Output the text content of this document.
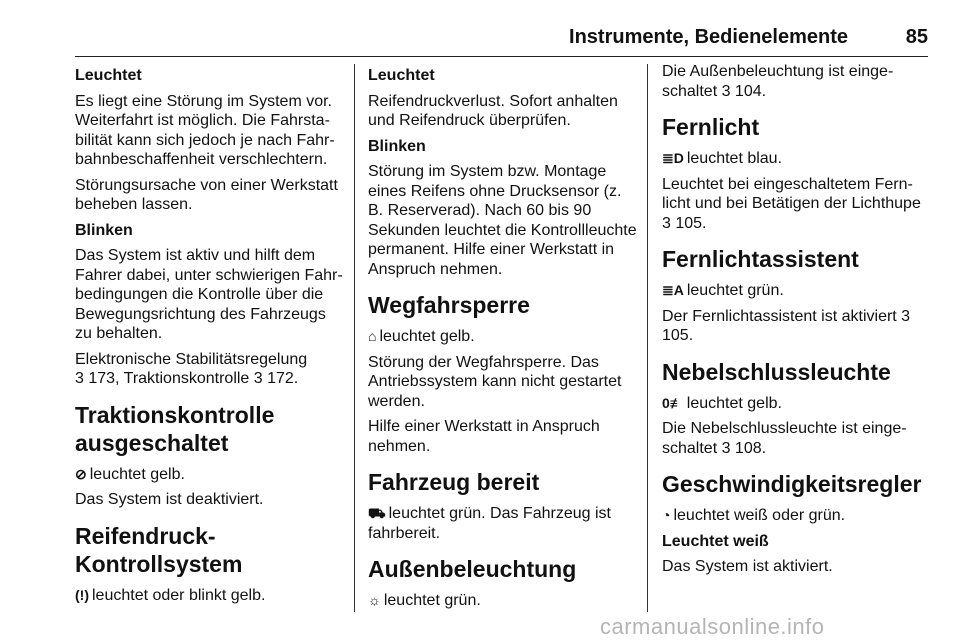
Instrumente, Bedienelemente	85
Leuchtet

Es liegt eine Störung im System vor. Weiterfahrt ist möglich. Die Fahrstabilität kann sich jedoch je nach Fahrbahnbeschaffenheit verschlechtern.

Störungsursache von einer Werkstatt beheben lassen.

Blinken

Das System ist aktiv und hilft dem Fahrer dabei, unter schwierigen Fahrbedingungen die Kontrolle über die Bewegungsrichtung des Fahrzeugs zu behalten.

Elektronische Stabilitätsregelung
3 173, Traktionskontrolle 3 172.

Traktionskontrolle ausgeschaltet

⊘ leuchtet gelb.

Das System ist deaktiviert.

Reifendruck-Kontrollsystem

(!) leuchtet oder blinkt gelb.

Leuchtet

Reifendruckverlust. Sofort anhalten und Reifendruck überprüfen.

Blinken

Störung im System bzw. Montage eines Reifens ohne Drucksensor (z. B. Reserverad). Nach 60 bis 90 Sekunden leuchtet die Kontrollleuchte permanent. Hilfe einer Werkstatt in Anspruch nehmen.

Wegfahrsperre

⌂ leuchtet gelb.

Störung der Wegfahrsperre. Das Antriebssystem kann nicht gestartet werden.

Hilfe einer Werkstatt in Anspruch nehmen.

Fahrzeug bereit

⛟ leuchtet grün. Das Fahrzeug ist fahrbereit.

Außenbeleuchtung

☼ leuchtet grün.

Die Außenbeleuchtung ist eingeschaltet 3 104.

Fernlicht

≣D leuchtet blau.

Leuchtet bei eingeschaltetem Fernlicht und bei Betätigen der Lichthupe 3 105.

Fernlichtassistent

≣A leuchtet grün.

Der Fernlichtassistent ist aktiviert 3 105.

Nebelschlussleuchte

0≢ leuchtet gelb.

Die Nebelschlussleuchte ist eingeschaltet 3 108.

Geschwindigkeitsregler

◔ leuchtet weiß oder grün.

Leuchtet weiß

Das System ist aktiviert.

carmanualsonline.info
